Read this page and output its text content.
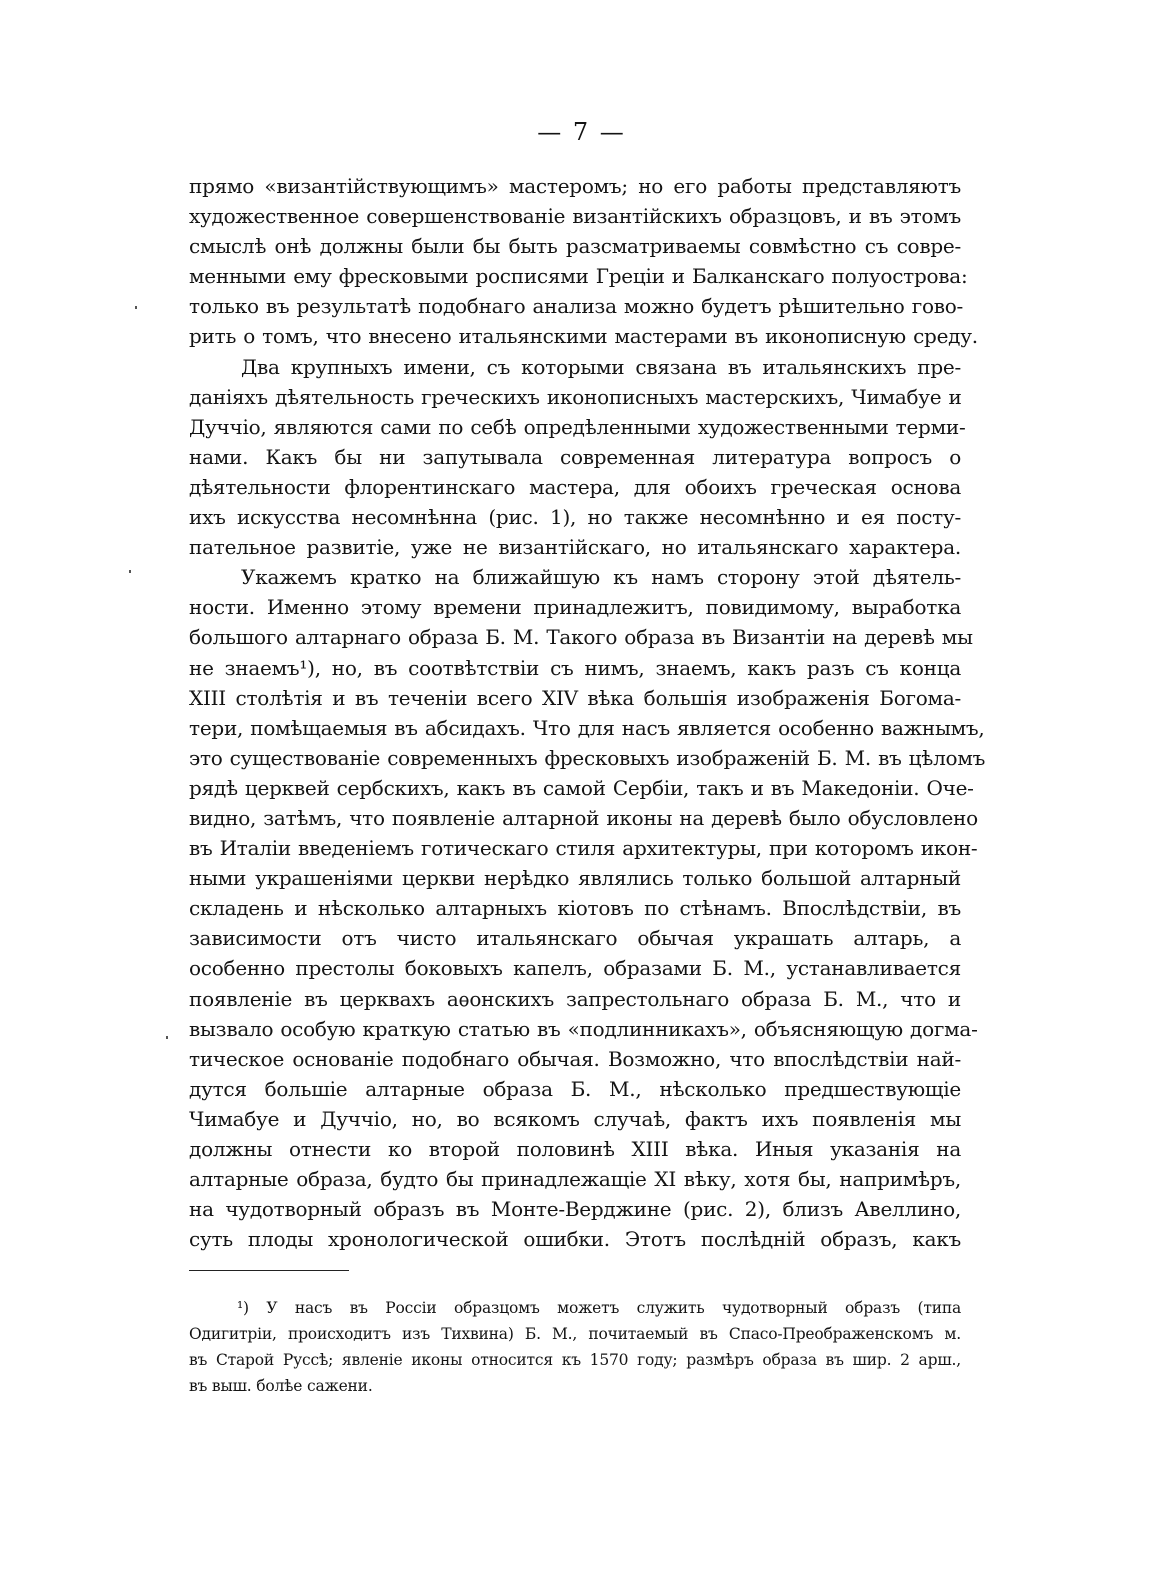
— 7 —
прямо «византійствующимъ» мастеромъ; но его работы представляютъ
художественное совершенствованіе византійскихъ образцовъ, и въ этомъ
смыслѣ онѣ должны были бы быть разсматриваемы совмѣстно съ совре-
менными ему фресковыми росписями Греціи и Балканскаго полуострова:
только въ результатѣ подобнаго анализа можно будетъ рѣшительно гово-
рить о томъ, что внесено итальянскими мастерами въ иконописную среду.
Два крупныхъ имени, съ которыми связана въ итальянскихъ пре-
даніяхъ дѣятельность греческихъ иконописныхъ мастерскихъ, Чимабуе и
Дуччіо, являются сами по себѣ опредѣленными художественными терми-
нами. Какъ бы ни запутывала современная литература вопросъ о
дѣятельности флорентинскаго мастера, для обоихъ греческая основа
ихъ искусства несомнѣнна (рис. 1), но также несомнѣнно и ея посту-
пательное развитіе, уже не византійскаго, но итальянскаго характера.
Укажемъ кратко на ближайшую къ намъ сторону этой дѣятель-
ности. Именно этому времени принадлежитъ, повидимому, выработка
большого алтарнаго образа Б. М. Такого образа въ Византіи на деревѣ мы
не знаемъ¹), но, въ соотвѣтствіи съ нимъ, знаемъ, какъ разъ съ конца
XIII столѣтія и въ теченіи всего XIV вѣка большія изображенія Богома-
тери, помѣщаемыя въ абсидахъ. Что для насъ является особенно важнымъ,
это существованіе современныхъ фресковыхъ изображеній Б. М. въ цѣломъ
рядѣ церквей сербскихъ, какъ въ самой Сербіи, такъ и въ Македоніи. Оче-
видно, затѣмъ, что появленіе алтарной иконы на деревѣ было обусловлено
въ Италіи введеніемъ готическаго стиля архитектуры, при которомъ икон-
ными украшеніями церкви нерѣдко являлись только большой алтарный
складень и нѣсколько алтарныхъ кіотовъ по стѣнамъ. Впослѣдствіи, въ
зависимости отъ чисто итальянскаго обычая украшать алтарь, а
особенно престолы боковыхъ капелъ, образами Б. М., устанавливается
появленіе въ церквахъ аѳонскихъ запрестольнаго образа Б. М., что и
вызвало особую краткую статью въ «подлинникахъ», объясняющую догма-
тическое основаніе подобнаго обычая. Возможно, что впослѣдствіи най-
дутся большіе алтарные образа Б. М., нѣсколько предшествующіе
Чимабуе и Дуччіо, но, во всякомъ случаѣ, фактъ ихъ появленія мы
должны отнести ко второй половинѣ XIII вѣка. Иныя указанія на
алтарные образа, будто бы принадлежащіе XI вѣку, хотя бы, напримѣръ,
на чудотворный образъ въ Монте-Верджине (рис. 2), близъ Авеллино,
суть плоды хронологической ошибки. Этотъ послѣдній образъ, какъ
¹) У насъ въ Россіи образцомъ можетъ служить чудотворный образъ (типа
Одигитріи, происходитъ изъ Тихвина) Б. М., почитаемый въ Спасо-Преображенскомъ м.
въ Старой Руссѣ; явленіе иконы относится къ 1570 году; размѣръ образа въ шир. 2 арш.,
въ выш. болѣе сажени.
